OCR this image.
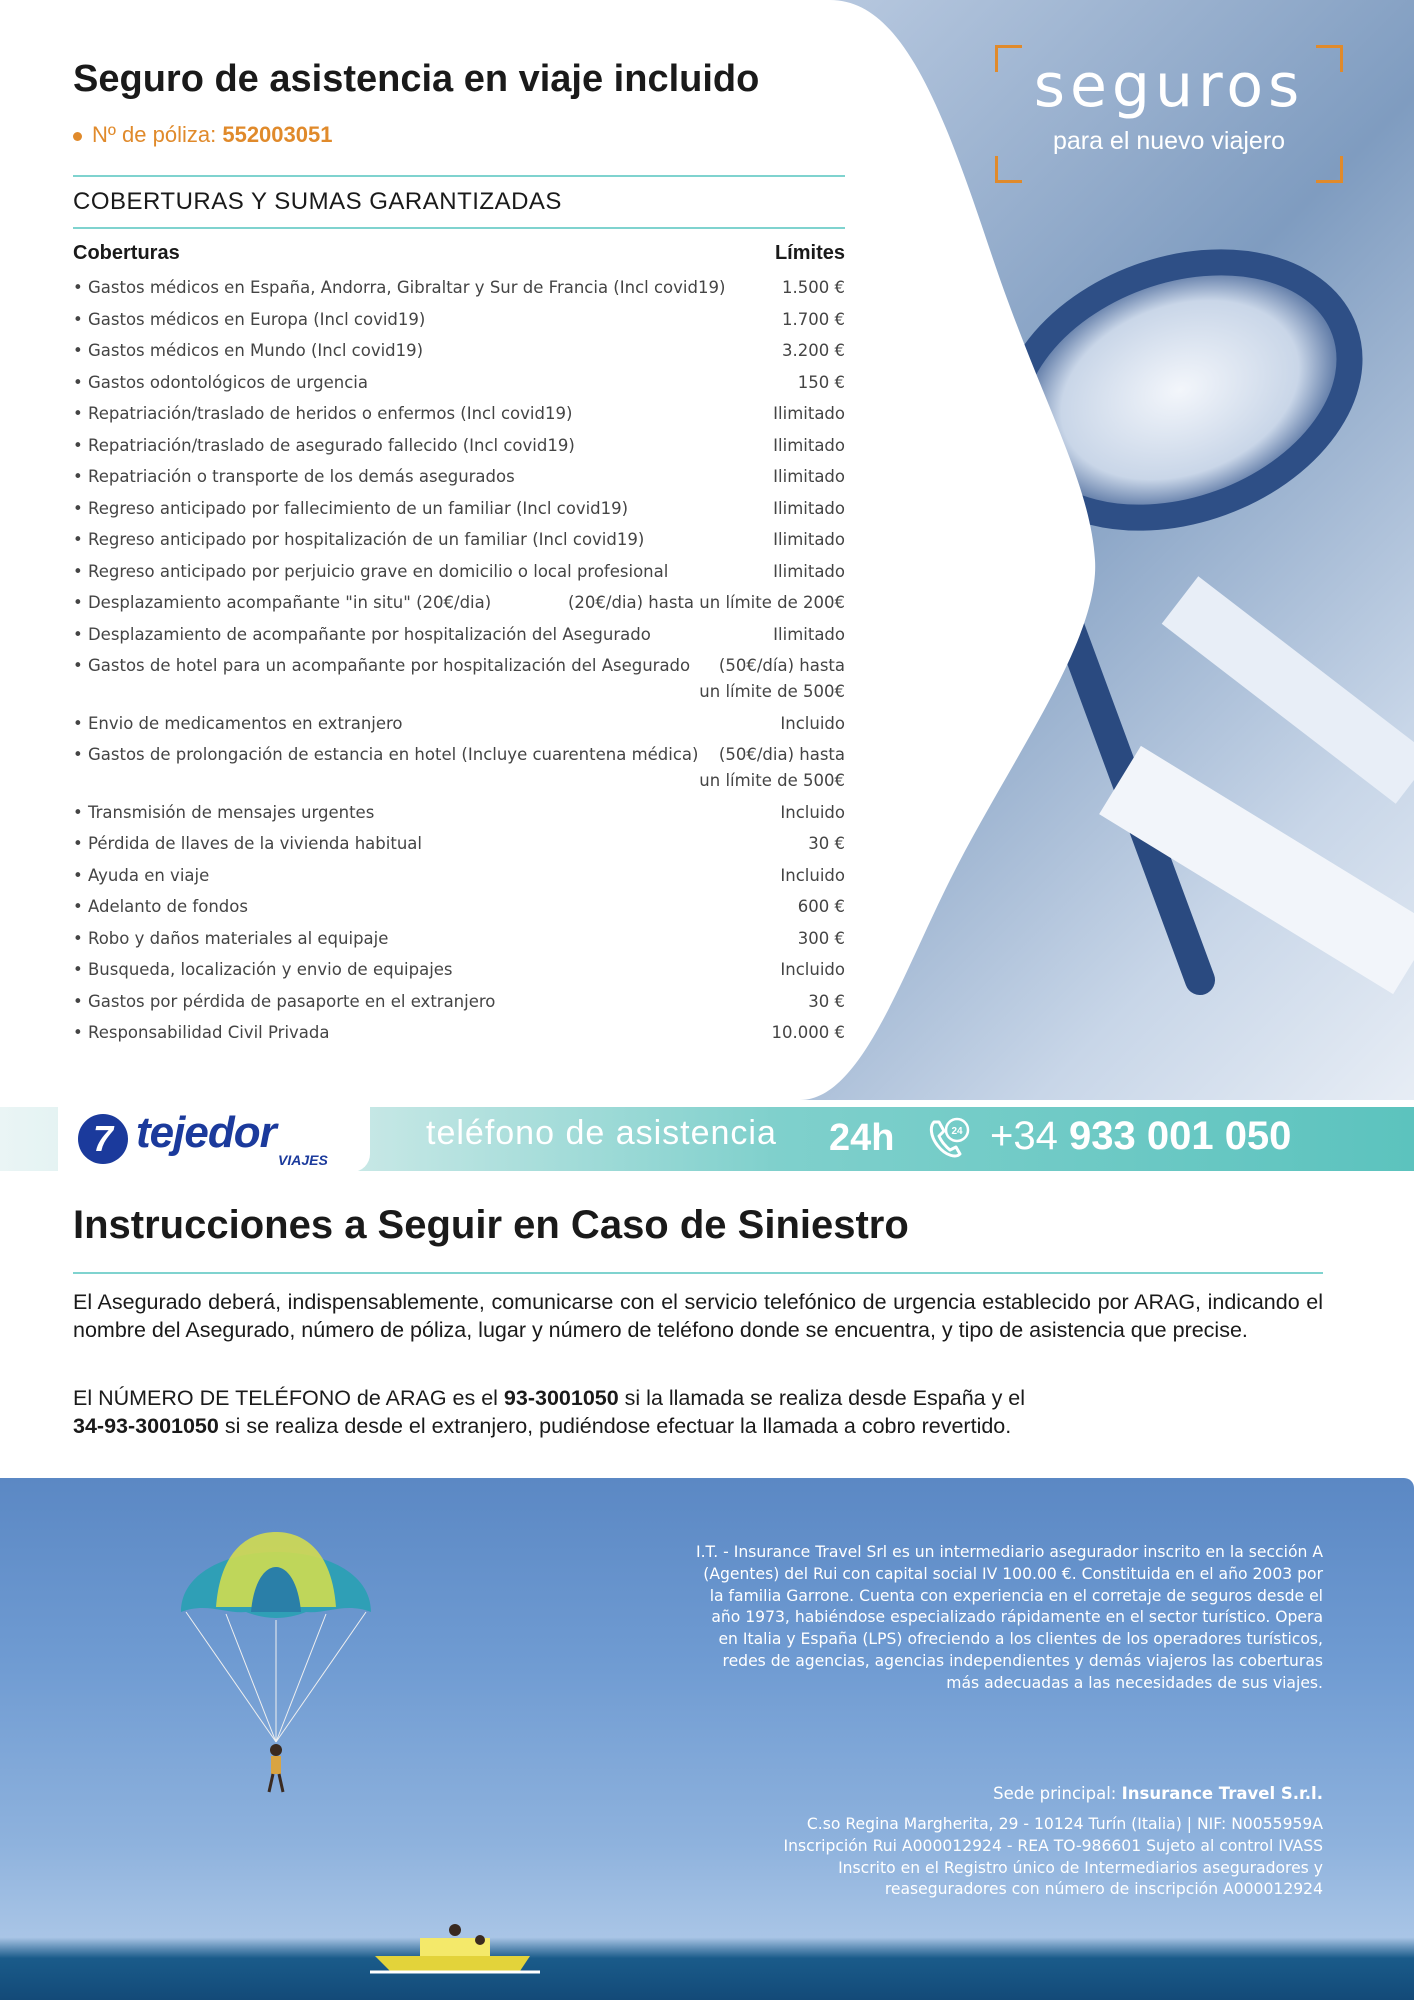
seguros
para el nuevo viajero
Seguro de asistencia en viaje incluido
Nº de póliza: 552003051
COBERTURAS Y SUMAS GARANTIZADAS
Coberturas	Límites
• Gastos médicos en España, Andorra, Gibraltar y Sur de Francia (Incl covid19)	1.500 €
• Gastos médicos en Europa (Incl covid19)	1.700 €
• Gastos médicos en Mundo (Incl covid19)	3.200 €
• Gastos odontológicos de urgencia	150 €
• Repatriación/traslado de heridos o enfermos (Incl covid19)	Ilimitado
• Repatriación/traslado de asegurado fallecido (Incl covid19)	Ilimitado
• Repatriación o transporte de los demás asegurados	Ilimitado
• Regreso anticipado por fallecimiento de un familiar (Incl covid19)	Ilimitado
• Regreso anticipado por hospitalización de un familiar (Incl covid19)	Ilimitado
• Regreso anticipado por perjuicio grave en domicilio o local profesional	Ilimitado
• Desplazamiento acompañante "in situ" (20€/dia)	(20€/dia) hasta un límite de 200€
• Desplazamiento de acompañante por hospitalización del Asegurado	Ilimitado
• Gastos de hotel para un acompañante por hospitalización del Asegurado	(50€/día) hasta un límite de 500€
• Envio de medicamentos en extranjero	Incluido
• Gastos de prolongación de estancia en hotel (Incluye cuarentena médica)	(50€/dia) hasta un límite de 500€
• Transmisión de mensajes urgentes	Incluido
• Pérdida de llaves de la vivienda habitual	30 €
• Ayuda en viaje	Incluido
• Adelanto de fondos	600 €
• Robo y daños materiales al equipaje	300 €
• Busqueda, localización y envio de equipajes	Incluido
• Gastos por pérdida de pasaporte en el extranjero	30 €
• Responsabilidad Civil Privada	10.000 €
7 tejedor
VIAJES
teléfono de asistencia 24h	24 +34 933 001 050
Instrucciones a Seguir en Caso de Siniestro
El Asegurado deberá, indispensablemente, comunicarse con el servicio telefónico de urgencia establecido por ARAG, indicando el nombre del Asegurado, número de póliza, lugar y número de teléfono donde se encuentra, y tipo de asistencia que precise.
El NÚMERO DE TELÉFONO de ARAG es el 93-3001050 si la llamada se realiza desde España y el
34-93-3001050 si se realiza desde el extranjero, pudiéndose efectuar la llamada a cobro revertido.
I.T. - Insurance Travel Srl es un intermediario asegurador inscrito en la sección A (Agentes) del Rui con capital social IV 100.00 €. Constituida en el año 2003 por la familia Garrone. Cuenta con experiencia en el corretaje de seguros desde el año 1973, habiéndose especializado rápidamente en el sector turístico. Opera en Italia y España (LPS) ofreciendo a los clientes de los operadores turísticos, redes de agencias, agencias independientes y demás viajeros las coberturas más adecuadas a las necesidades de sus viajes.
Sede principal: Insurance Travel S.r.l.
C.so Regina Margherita, 29 - 10124 Turín (Italia) | NIF: N0055959A
Inscripción Rui A000012924 - REA TO-986601 Sujeto al control IVASS
Inscrito en el Registro único de Intermediarios aseguradores y
reaseguradores con número de inscripción A000012924
